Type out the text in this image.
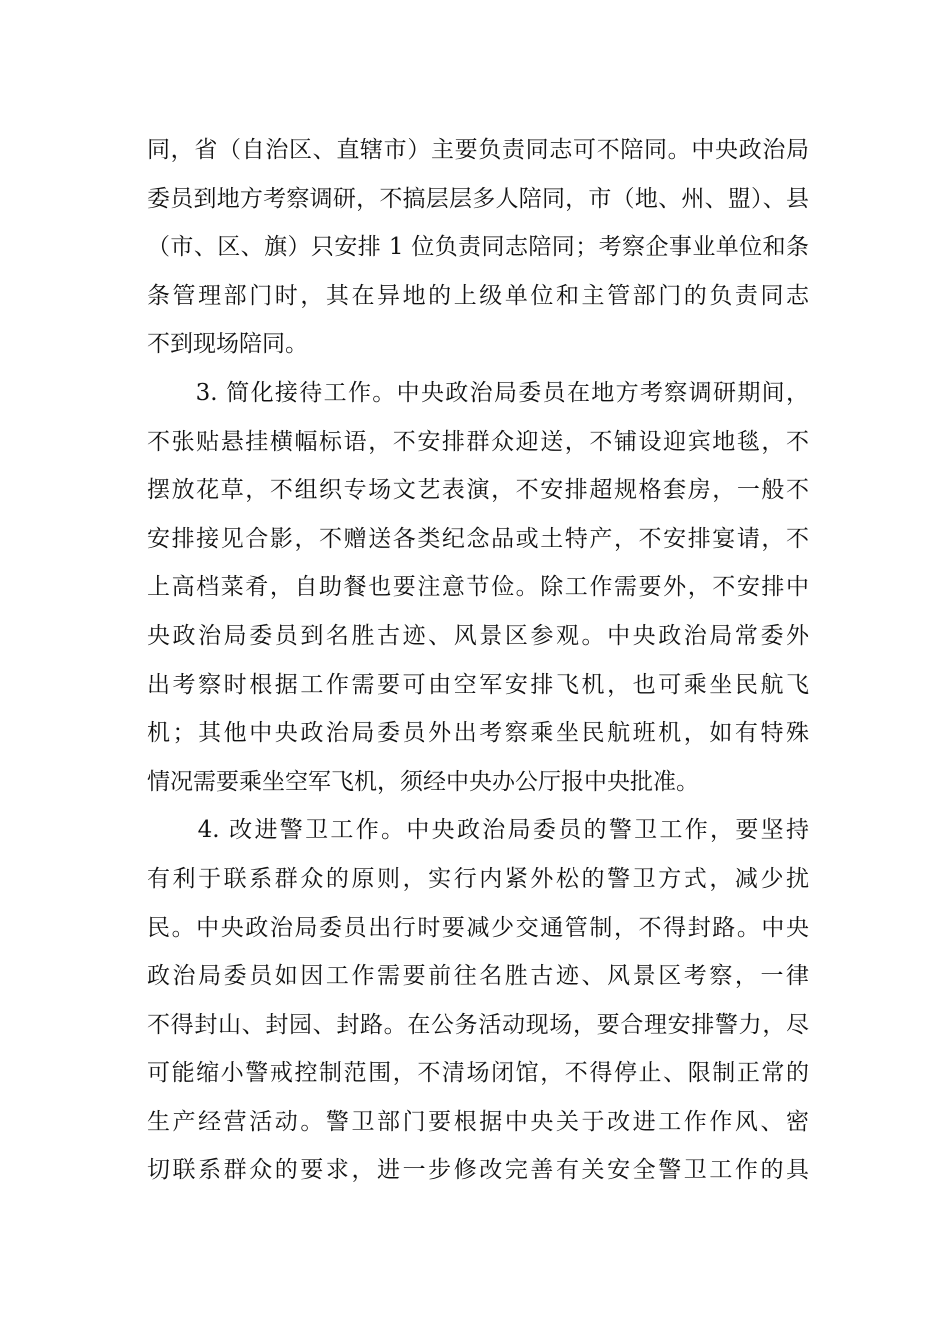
同，省（自治区、直辖市）主要负责同志可不陪同。中央政治局
委员到地方考察调研，不搞层层多人陪同，市（地、州、盟）、县
（市、区、旗）只安排 1 位负责同志陪同；考察企事业单位和条
条管理部门时，其在异地的上级单位和主管部门的负责同志
不到现场陪同。
　　3. 简化接待工作。中央政治局委员在地方考察调研期间，
不张贴悬挂横幅标语，不安排群众迎送，不铺设迎宾地毯，不
摆放花草，不组织专场文艺表演，不安排超规格套房，一般不
安排接见合影，不赠送各类纪念品或土特产，不安排宴请，不
上高档菜肴，自助餐也要注意节俭。除工作需要外，不安排中
央政治局委员到名胜古迹、风景区参观。中央政治局常委外
出考察时根据工作需要可由空军安排飞机，也可乘坐民航飞
机；其他中央政治局委员外出考察乘坐民航班机，如有特殊
情况需要乘坐空军飞机，须经中央办公厅报中央批准。
　　4. 改进警卫工作。中央政治局委员的警卫工作，要坚持
有利于联系群众的原则，实行内紧外松的警卫方式，减少扰
民。中央政治局委员出行时要减少交通管制，不得封路。中央
政治局委员如因工作需要前往名胜古迹、风景区考察，一律
不得封山、封园、封路。在公务活动现场，要合理安排警力，尽
可能缩小警戒控制范围，不清场闭馆，不得停止、限制正常的
生产经营活动。警卫部门要根据中央关于改进工作作风、密
切联系群众的要求，进一步修改完善有关安全警卫工作的具
